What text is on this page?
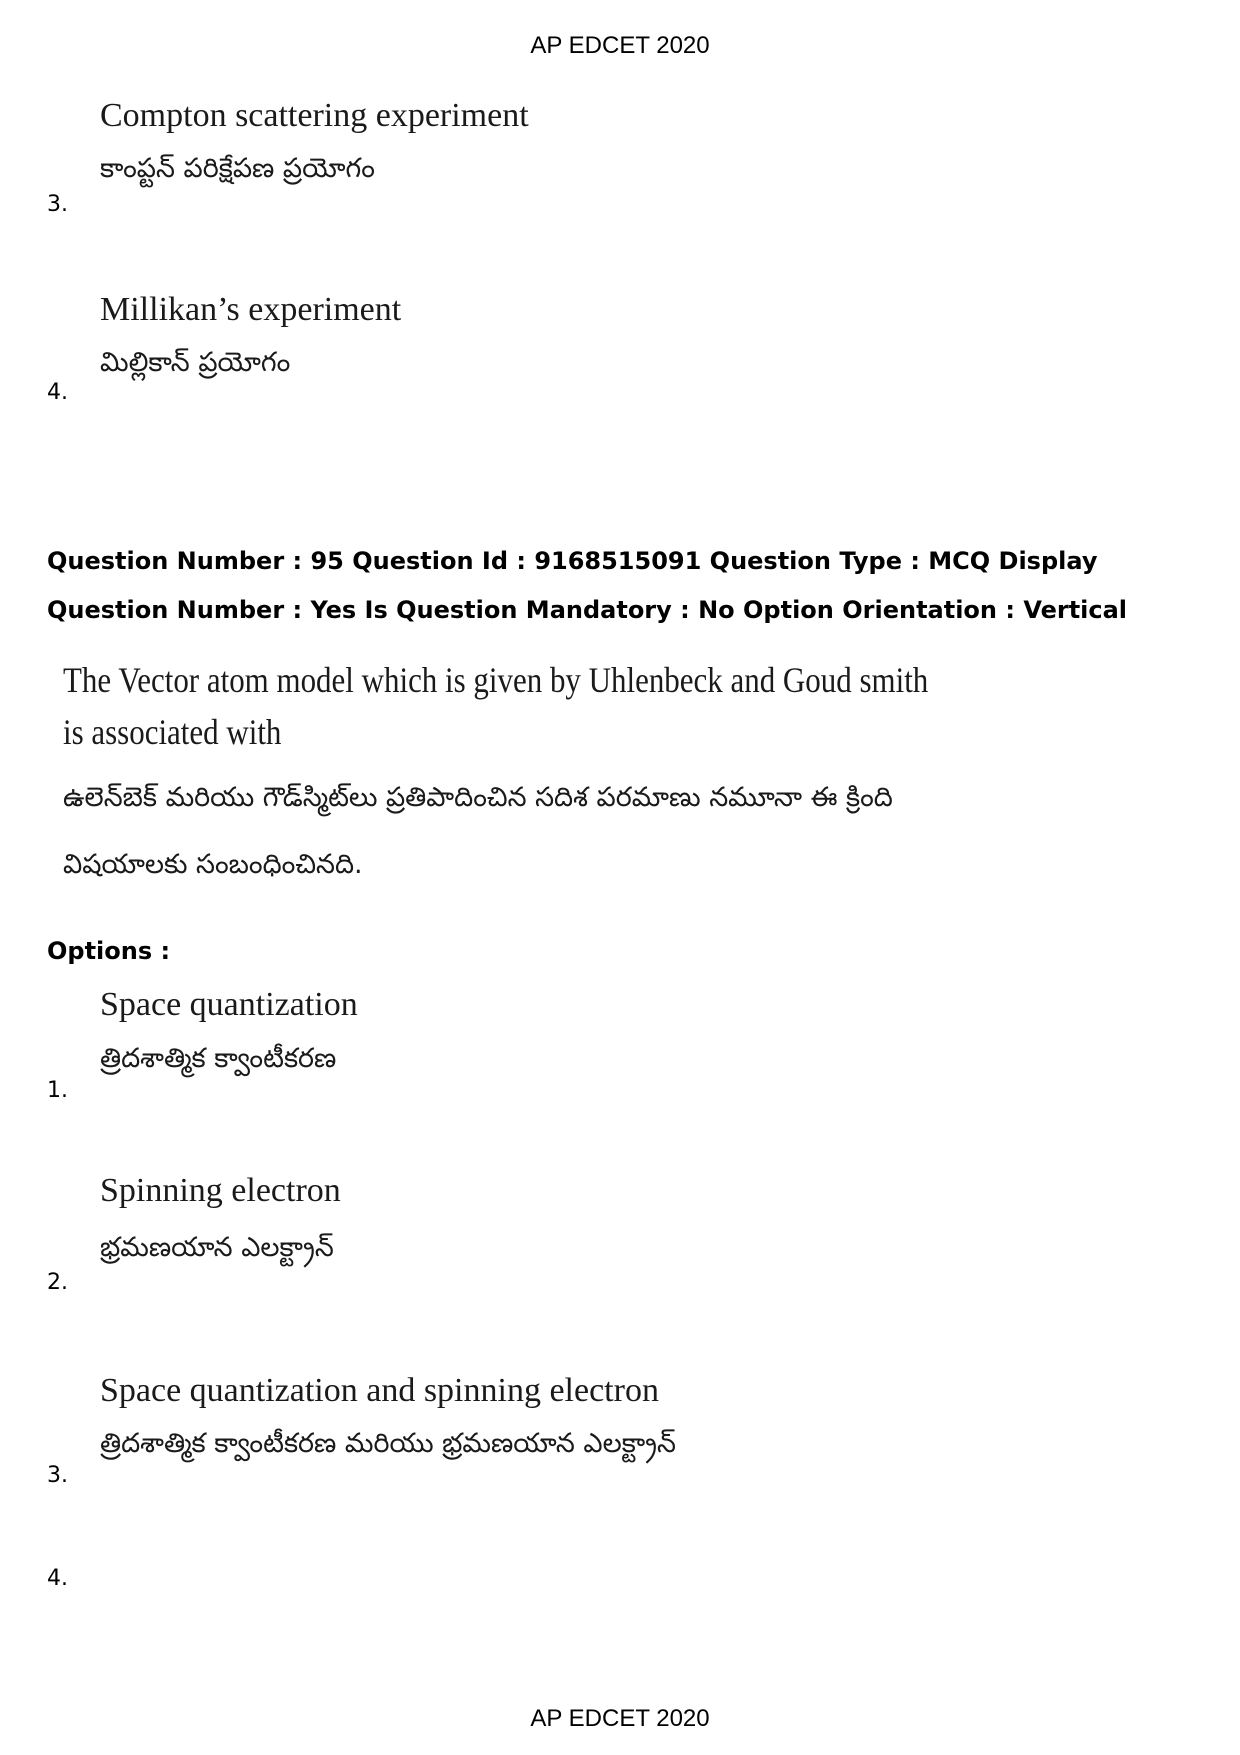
AP EDCET 2020
Compton scattering experiment
కాంప్టన్ పరిక్షేపణ ప్రయోగం
3.
Millikan’s experiment
మిల్లికాన్ ప్రయోగం
4.
Question Number : 95 Question Id : 9168515091 Question Type : MCQ Display Question Number : Yes Is Question Mandatory : No Option Orientation : Vertical
The Vector atom model which is given by Uhlenbeck and Goud smith is associated with
ఉలెన్‌బెక్ మరియు గౌడ్‌స్మిట్‌లు ప్రతిపాదించిన సదిశ పరమాణు నమూనా ఈ క్రింది విషయాలకు సంబంధించినది.
Options :
Space quantization
త్రిదశాత్మిక క్వాంటీకరణ
1.
Spinning electron
భ్రమణయాన ఎలక్ట్రాన్
2.
Space quantization and spinning electron
త్రిదశాత్మిక క్వాంటీకరణ మరియు భ్రమణయాన ఎలక్ట్రాన్
3.
4.
AP EDCET 2020
